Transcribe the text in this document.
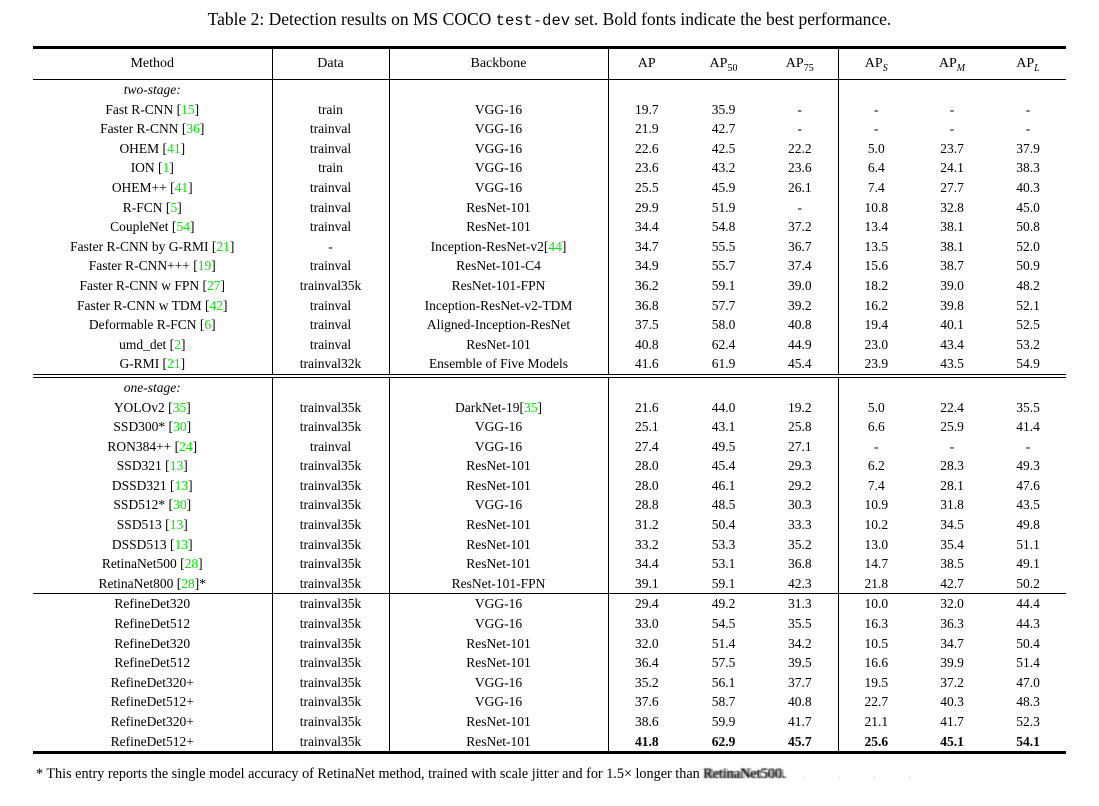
Table 2: Detection results on MS COCO test-dev set. Bold fonts indicate the best performance.
Method	Data	Backbone	AP	$AP_{50}$	$AP_{75}$	$AP_S$	$AP_M$	$AP_L$
two-stage:								
Fast R-CNN [15]	train	VGG-16	19.7	35.9	-	-	-	-
Faster R-CNN [36]	trainval	VGG-16	21.9	42.7	-	-	-	-
OHEM [41]	trainval	VGG-16	22.6	42.5	22.2	5.0	23.7	37.9
ION [1]	train	VGG-16	23.6	43.2	23.6	6.4	24.1	38.3
OHEM++ [41]	trainval	VGG-16	25.5	45.9	26.1	7.4	27.7	40.3
R-FCN [5]	trainval	ResNet-101	29.9	51.9	-	10.8	32.8	45.0
CoupleNet [54]	trainval	ResNet-101	34.4	54.8	37.2	13.4	38.1	50.8
Faster R-CNN by G-RMI [21]	-	Inception-ResNet-v2[44]	34.7	55.5	36.7	13.5	38.1	52.0
Faster R-CNN+++ [19]	trainval	ResNet-101-C4	34.9	55.7	37.4	15.6	38.7	50.9
Faster R-CNN w FPN [27]	trainval35k	ResNet-101-FPN	36.2	59.1	39.0	18.2	39.0	48.2
Faster R-CNN w TDM [42]	trainval	Inception-ResNet-v2-TDM	36.8	57.7	39.2	16.2	39.8	52.1
Deformable R-FCN [6]	trainval	Aligned-Inception-ResNet	37.5	58.0	40.8	19.4	40.1	52.5
umd_det [2]	trainval	ResNet-101	40.8	62.4	44.9	23.0	43.4	53.2
G-RMI [21]	trainval32k	Ensemble of Five Models	41.6	61.9	45.4	23.9	43.5	54.9
one-stage:								
YOLOv2 [35]	trainval35k	DarkNet-19[35]	21.6	44.0	19.2	5.0	22.4	35.5
SSD300* [30]	trainval35k	VGG-16	25.1	43.1	25.8	6.6	25.9	41.4
RON384++ [24]	trainval	VGG-16	27.4	49.5	27.1	-	-	-
SSD321 [13]	trainval35k	ResNet-101	28.0	45.4	29.3	6.2	28.3	49.3
DSSD321 [13]	trainval35k	ResNet-101	28.0	46.1	29.2	7.4	28.1	47.6
SSD512* [30]	trainval35k	VGG-16	28.8	48.5	30.3	10.9	31.8	43.5
SSD513 [13]	trainval35k	ResNet-101	31.2	50.4	33.3	10.2	34.5	49.8
DSSD513 [13]	trainval35k	ResNet-101	33.2	53.3	35.2	13.0	35.4	51.1
RetinaNet500 [28]	trainval35k	ResNet-101	34.4	53.1	36.8	14.7	38.5	49.1
RetinaNet800 [28]*	trainval35k	ResNet-101-FPN	39.1	59.1	42.3	21.8	42.7	50.2
RefineDet320	trainval35k	VGG-16	29.4	49.2	31.3	10.0	32.0	44.4
RefineDet512	trainval35k	VGG-16	33.0	54.5	35.5	16.3	36.3	44.3
RefineDet320	trainval35k	ResNet-101	32.0	51.4	34.2	10.5	34.7	50.4
RefineDet512	trainval35k	ResNet-101	36.4	57.5	39.5	16.6	39.9	51.4
RefineDet320+	trainval35k	VGG-16	35.2	56.1	37.7	19.5	37.2	47.0
RefineDet512+	trainval35k	VGG-16	37.6	58.7	40.8	22.7	40.3	48.3
RefineDet320+	trainval35k	ResNet-101	38.6	59.9	41.7	21.1	41.7	52.3
RefineDet512+	trainval35k	ResNet-101	41.8	62.9	45.7	25.6	45.1	54.1
* This entry reports the single model accuracy of RetinaNet method, trained with scale jitter and for 1.5× longer than RetinaNet500.  .   .   .   .
